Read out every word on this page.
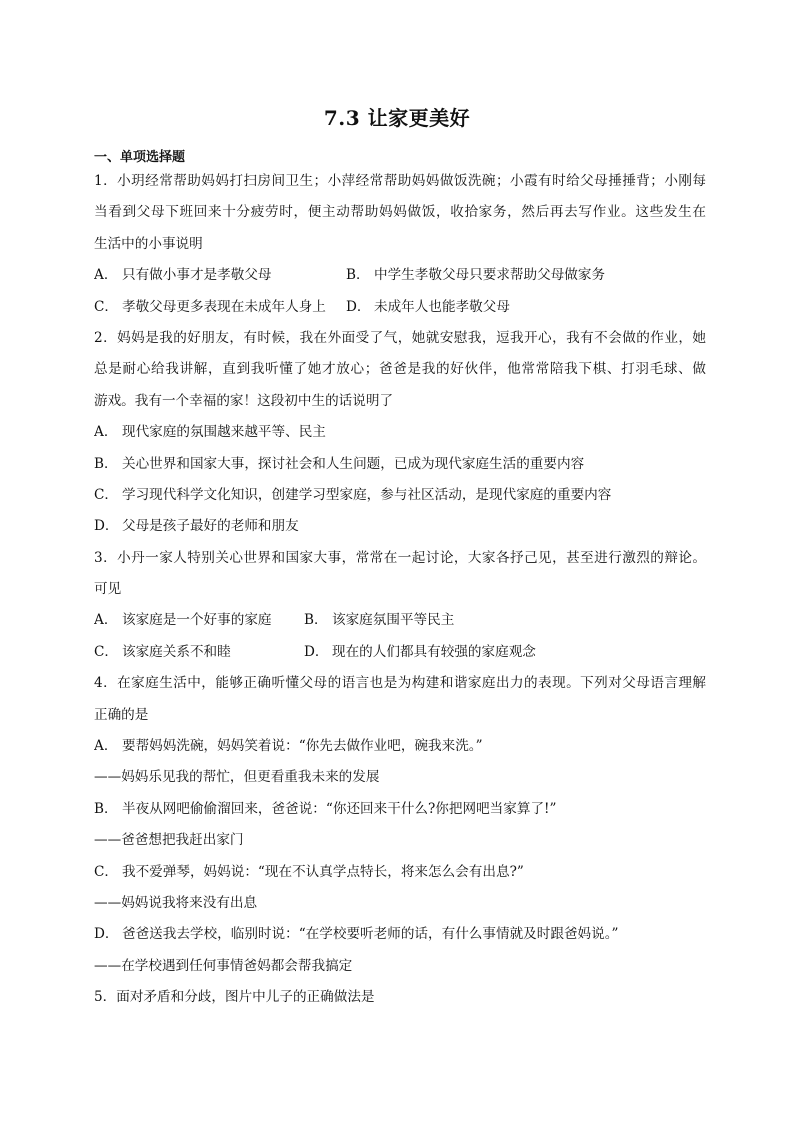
7.3 让家更美好
一、单项选择题
1．小玥经常帮助妈妈打扫房间卫生；小萍经常帮助妈妈做饭洗碗；小霞有时给父母捶捶背；小刚每
当看到父母下班回来十分疲劳时，便主动帮助妈妈做饭，收拾家务，然后再去写作业。这些发生在
生活中的小事说明
A． 只有做小事才是孝敬父母	B． 中学生孝敬父母只要求帮助父母做家务
C． 孝敬父母更多表现在未成年人身上	D． 未成年人也能孝敬父母
2．妈妈是我的好朋友，有时候，我在外面受了气，她就安慰我，逗我开心，我有不会做的作业，她
总是耐心给我讲解，直到我听懂了她才放心；爸爸是我的好伙伴，他常常陪我下棋、打羽毛球、做
游戏。我有一个幸福的家！这段初中生的话说明了
A． 现代家庭的氛围越来越平等、民主
B． 关心世界和国家大事，探讨社会和人生问题，已成为现代家庭生活的重要内容
C． 学习现代科学文化知识，创建学习型家庭，参与社区活动，是现代家庭的重要内容
D． 父母是孩子最好的老师和朋友
3．小丹一家人特别关心世界和国家大事，常常在一起讨论，大家各抒己见，甚至进行激烈的辩论。
可见
A． 该家庭是一个好事的家庭	B． 该家庭氛围平等民主
C． 该家庭关系不和睦	D． 现在的人们都具有较强的家庭观念
4．在家庭生活中，能够正确听懂父母的语言也是为构建和谐家庭出力的表现。下列对父母语言理解
正确的是
A． 要帮妈妈洗碗，妈妈笑着说：“你先去做作业吧，碗我来洗。”
——妈妈乐见我的帮忙，但更看重我未来的发展
B． 半夜从网吧偷偷溜回来，爸爸说：“你还回来干什么?你把网吧当家算了!”
——爸爸想把我赶出家门
C． 我不爱弹琴，妈妈说：“现在不认真学点特长，将来怎么会有出息?”
——妈妈说我将来没有出息
D． 爸爸送我去学校，临别时说：“在学校要听老师的话，有什么事情就及时跟爸妈说。”
——在学校遇到任何事情爸妈都会帮我搞定
5．面对矛盾和分歧，图片中儿子的正确做法是
